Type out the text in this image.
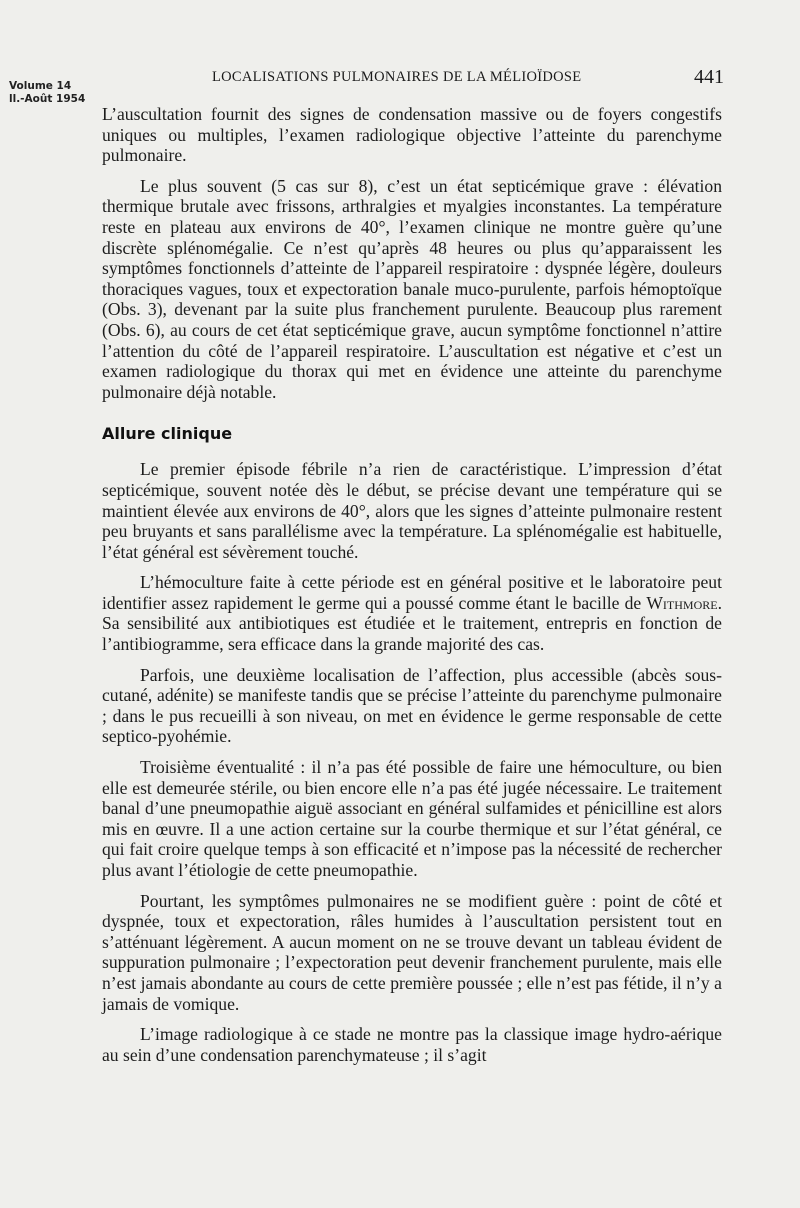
Volume 14
ll.-Août 1954
LOCALISATIONS PULMONAIRES DE LA MÉLIOÏDOSE	441

L’auscultation fournit des signes de condensation massive ou de foyers congestifs uniques ou multiples, l’examen radiologique objective l’atteinte du parenchyme pulmonaire.

Le plus souvent (5 cas sur 8), c’est un état septicémique grave : élévation thermique brutale avec frissons, arthralgies et myalgies inconstantes. La température reste en plateau aux environs de 40°, l’examen clinique ne montre guère qu’une discrète splénomégalie. Ce n’est qu’après 48 heures ou plus qu’apparaissent les symptômes fonctionnels d’atteinte de l’appareil respiratoire : dyspnée légère, douleurs thoraciques vagues, toux et expectoration banale muco-purulente, parfois hémoptoïque (Obs. 3), devenant par la suite plus franchement purulente. Beaucoup plus rarement (Obs. 6), au cours de cet état septicémique grave, aucun symptôme fonctionnel n’attire l’attention du côté de l’appareil respiratoire. L’auscultation est négative et c’est un examen radiologique du thorax qui met en évidence une atteinte du parenchyme pulmonaire déjà notable.

Allure clinique

Le premier épisode fébrile n’a rien de caractéristique. L’impression d’état septicémique, souvent notée dès le début, se précise devant une température qui se maintient élevée aux environs de 40°, alors que les signes d’atteinte pulmonaire restent peu bruyants et sans parallélisme avec la température. La splénomégalie est habituelle, l’état général est sévèrement touché.

L’hémoculture faite à cette période est en général positive et le laboratoire peut identifier assez rapidement le germe qui a poussé comme étant le bacille de Withmore. Sa sensibilité aux antibiotiques est étudiée et le traitement, entrepris en fonction de l’antibiogramme, sera efficace dans la grande majorité des cas.

Parfois, une deuxième localisation de l’affection, plus accessible (abcès sous-cutané, adénite) se manifeste tandis que se précise l’atteinte du parenchyme pulmonaire ; dans le pus recueilli à son niveau, on met en évidence le germe responsable de cette septico-pyohémie.

Troisième éventualité : il n’a pas été possible de faire une hémoculture, ou bien elle est demeurée stérile, ou bien encore elle n’a pas été jugée nécessaire. Le traitement banal d’une pneumopathie aiguë associant en général sulfamides et pénicilline est alors mis en œuvre. Il a une action certaine sur la courbe thermique et sur l’état général, ce qui fait croire quelque temps à son efficacité et n’impose pas la nécessité de rechercher plus avant l’étiologie de cette pneumopathie.

Pourtant, les symptômes pulmonaires ne se modifient guère : point de côté et dyspnée, toux et expectoration, râles humides à l’auscultation persistent tout en s’atténuant légèrement. A aucun moment on ne se trouve devant un tableau évident de suppuration pulmonaire ; l’expectoration peut devenir franchement purulente, mais elle n’est jamais abondante au cours de cette première poussée ; elle n’est pas fétide, il n’y a jamais de vomique.

L’image radiologique à ce stade ne montre pas la classique image hydro-aérique au sein d’une condensation parenchymateuse ; il s’agit
